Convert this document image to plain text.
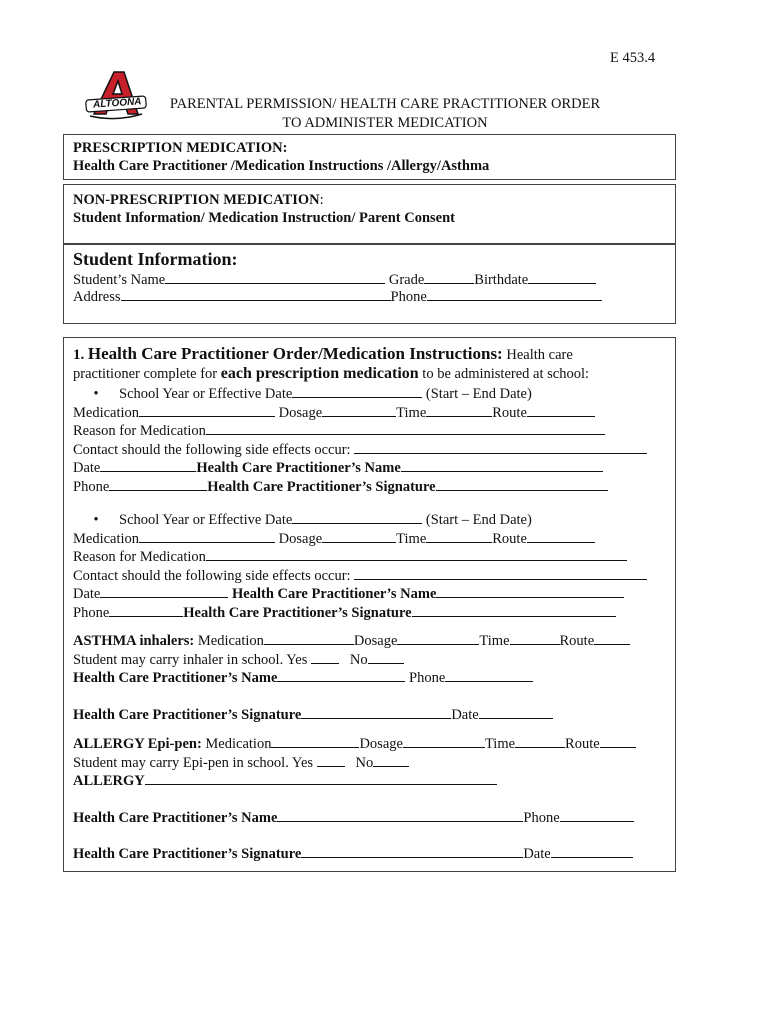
E 453.4
ALTOONA	PARENTAL PERMISSION/ HEALTH CARE PRACTITIONER ORDER
TO ADMINISTER MEDICATION
PRESCRIPTION MEDICATION:
Health Care Practitioner /Medication Instructions /Allergy/Asthma
NON-PRESCRIPTION MEDICATION:
Student Information/ Medication Instruction/ Parent Consent
Student Information:
Student’s Name	Grade	Birthdate
Address	Phone
1. Health Care Practitioner Order/Medication Instructions: Health care
practitioner complete for each prescription medication to be administered at school:
• School Year or Effective Date	(Start – End Date)
Medication	Dosage	Time	Route
Reason for Medication
Contact should the following side effects occur:
Date	Health Care Practitioner’s Name
Phone	Health Care Practitioner’s Signature
• School Year or Effective Date	(Start – End Date)
Medication	Dosage	Time	Route
Reason for Medication
Contact should the following side effects occur:
Date	Health Care Practitioner’s Name
Phone	Health Care Practitioner’s Signature
ASTHMA inhalers: Medication	Dosage	Time	Route
Student may carry inhaler in school. Yes	No
Health Care Practitioner’s Name	Phone
Health Care Practitioner’s Signature	Date
ALLERGY Epi-pen: Medication	Dosage	Time	Route
Student may carry Epi-pen in school. Yes	No
ALLERGY
Health Care Practitioner’s Name	Phone
Health Care Practitioner’s Signature	Date
